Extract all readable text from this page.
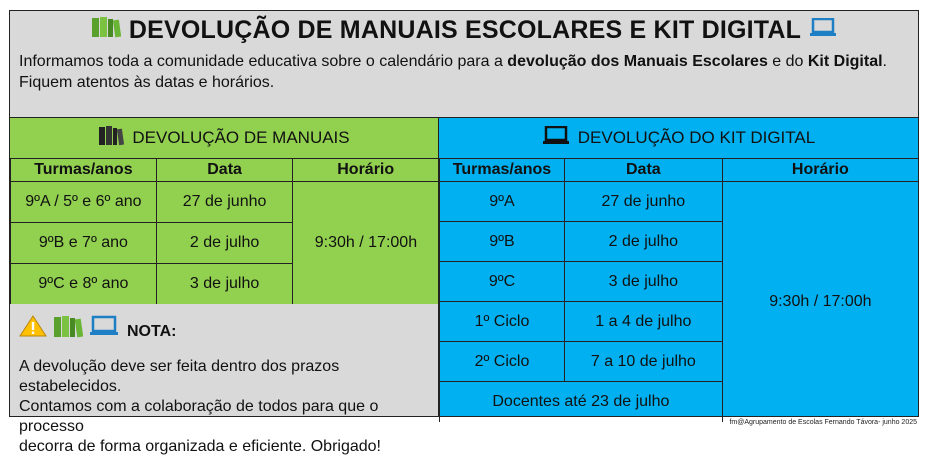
DEVOLUÇÃO DE MANUAIS ESCOLARES E KIT DIGITAL
Informamos toda a comunidade educativa sobre o calendário para a devolução dos Manuais Escolares e do Kit Digital.
Fiquem atentos às datas e horários.
DEVOLUÇÃO DE MANUAIS
Turmas/anos	Data	Horário
9ºA / 5º e 6º ano	27 de junho	9:30h / 17:00h
9ºB e 7º ano	2 de julho	
9ºC e 8º ano	3 de julho	
DEVOLUÇÃO DO KIT DIGITAL
Turmas/anos	Data	Horário
9ºA	27 de junho	9:30h / 17:00h
9ºB	2 de julho	
9ºC	3 de julho	
1º Ciclo	1 a 4 de julho	
2º Ciclo	7 a 10 de julho	
Docentes até 23 de julho		
NOTA:
A devolução deve ser feita dentro dos prazos estabelecidos.
Contamos com a colaboração de todos para que o processo
decorra de forma organizada e eficiente. Obrigado!
fm@Agrupamento de Escolas Fernando Távora- junho 2025
